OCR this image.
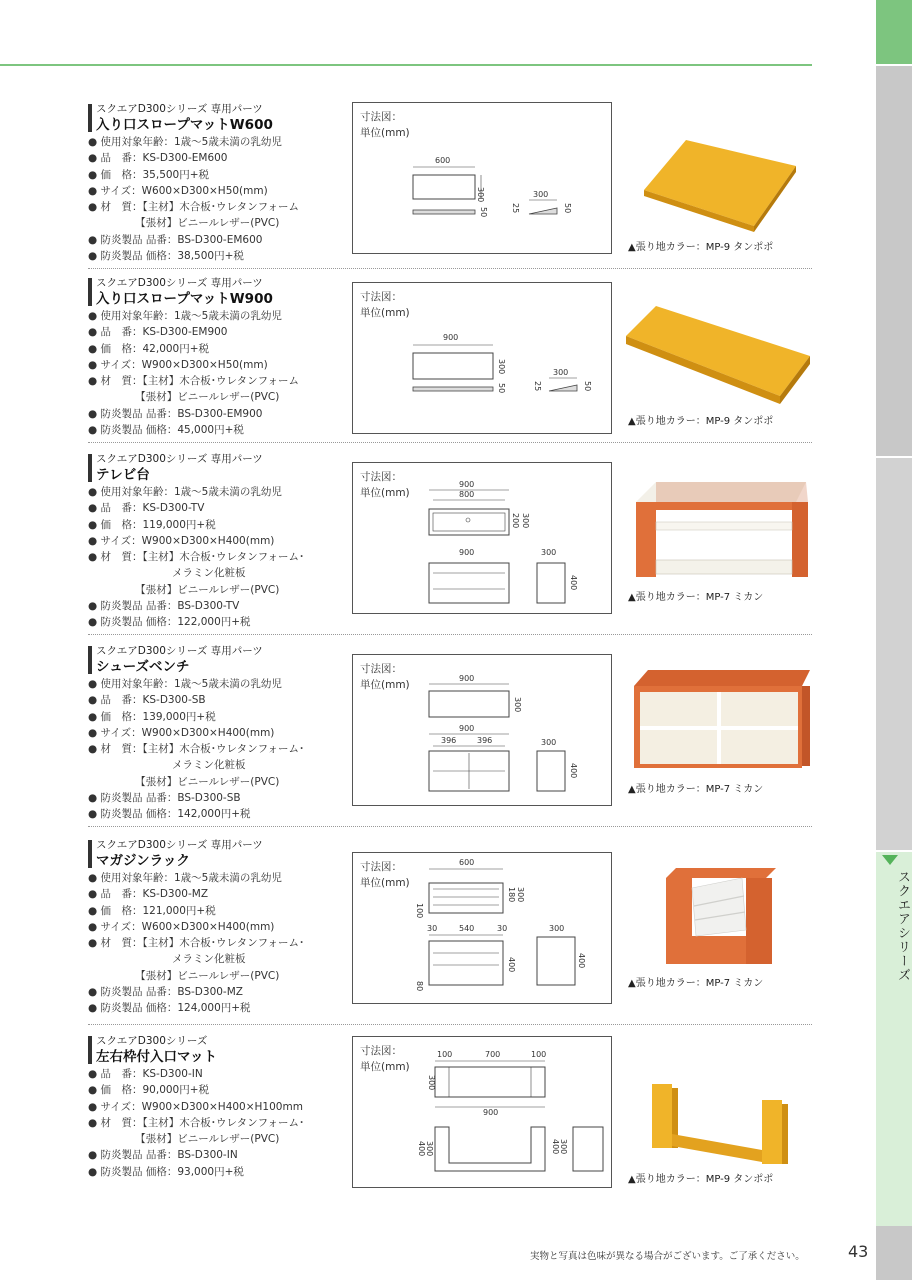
スクエアシリーズ
スクエアD300シリーズ 専用パーツ
入り口スロープマットW600
● 使用対象年齢：1歳～5歳未満の乳幼児
● 品　番：KS-D300-EM600
● 価　格：35,500円+税
● サイズ：W600×D300×H50(mm)
● 材　質：【主材】木合板･ウレタンフォーム
　　　　　【張材】ビニールレザー(PVC)
● 防炎製品 品番：BS-D300-EM600
● 防炎製品 価格：38,500円+税
寸法図：
単位(mm)
600
300
50
300
25	50
▲張り地カラー：MP-9 タンポポ
スクエアD300シリーズ 専用パーツ
入り口スロープマットW900
● 使用対象年齢：1歳～5歳未満の乳幼児
● 品　番：KS-D300-EM900
● 価　格：42,000円+税
● サイズ：W900×D300×H50(mm)
● 材　質：【主材】木合板･ウレタンフォーム
　　　　　【張材】ビニールレザー(PVC)
● 防炎製品 品番：BS-D300-EM900
● 防炎製品 価格：45,000円+税
寸法図：
単位(mm)
900
300
50
300
25	50
▲張り地カラー：MP-9 タンポポ
スクエアD300シリーズ 専用パーツ
テレビ台
● 使用対象年齢：1歳～5歳未満の乳幼児
● 品　番：KS-D300-TV
● 価　格：119,000円+税
● サイズ：W900×D300×H400(mm)
● 材　質：【主材】木合板･ウレタンフォーム･
　　　　　　　　メラミン化粧板
　　　　　【張材】ビニールレザー(PVC)
● 防炎製品 品番：BS-D300-TV
● 防炎製品 価格：122,000円+税
寸法図：
単位(mm)
900
800
200 300
900	300
400
▲張り地カラー：MP-7 ミカン
スクエアD300シリーズ 専用パーツ
シューズベンチ
● 使用対象年齢：1歳～5歳未満の乳幼児
● 品　番：KS-D300-SB
● 価　格：139,000円+税
● サイズ：W900×D300×H400(mm)
● 材　質：【主材】木合板･ウレタンフォーム･
　　　　　　　　メラミン化粧板
　　　　　【張材】ビニールレザー(PVC)
● 防炎製品 品番：BS-D300-SB
● 防炎製品 価格：142,000円+税
寸法図：
単位(mm)
900
300
900
396	396	300
400
▲張り地カラー：MP-7 ミカン
スクエアD300シリーズ 専用パーツ
マガジンラック
● 使用対象年齢：1歳～5歳未満の乳幼児
● 品　番：KS-D300-MZ
● 価　格：121,000円+税
● サイズ：W600×D300×H400(mm)
● 材　質：【主材】木合板･ウレタンフォーム･
　　　　　　　　メラミン化粧板
　　　　　【張材】ビニールレザー(PVC)
● 防炎製品 品番：BS-D300-MZ
● 防炎製品 価格：124,000円+税
寸法図：
単位(mm)
600
180 300
100
30	540	30	300
400	400
80	▲張り地カラー：MP-7 ミカン
スクエアD300シリーズ
左右枠付入口マット
● 品　番：KS-D300-IN
● 価　格：90,000円+税
● サイズ：W900×D300×H400×H100mm
● 材　質：【主材】木合板･ウレタンフォーム･
　　　　　【張材】ビニールレザー(PVC)
● 防炎製品 品番：BS-D300-IN
● 防炎製品 価格：93,000円+税
寸法図：
単位(mm)
100	700	100
300
900
400 300	400 300
▲張り地カラー：MP-9 タンポポ
実物と写真は色味が異なる場合がございます。ご了承ください。	43
